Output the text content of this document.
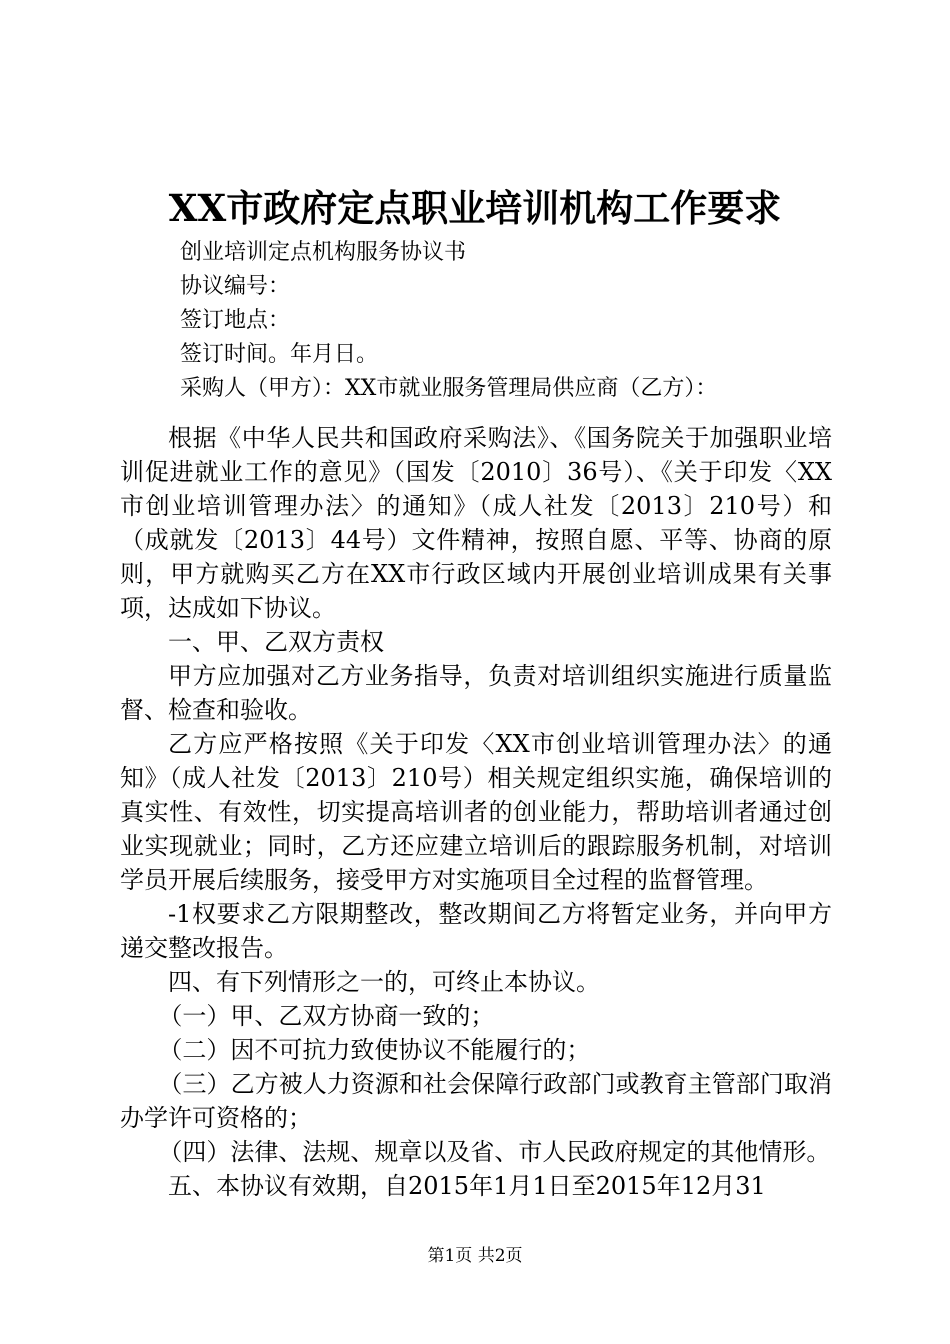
XX市政府定点职业培训机构工作要求
创业培训定点机构服务协议书
协议编号：
签订地点：
签订时间。年月日。
采购人（甲方）：XX市就业服务管理局供应商（乙方）：

根据《中华人民共和国政府采购法》、《国务院关于加强职业培训促进就业工作的意见》（国发〔2010〕36号）、《关于印发〈XX市创业培训管理办法〉的通知》（成人社发〔2013〕210号）和（成就发〔2013〕44号）文件精神，按照自愿、平等、协商的原则，甲方就购买乙方在XX市行政区域内开展创业培训成果有关事项，达成如下协议。

一、甲、乙双方责权

甲方应加强对乙方业务指导，负责对培训组织实施进行质量监督、检查和验收。

乙方应严格按照《关于印发〈XX市创业培训管理办法〉的通知》（成人社发〔2013〕210号）相关规定组织实施，确保培训的真实性、有效性，切实提高培训者的创业能力，帮助培训者通过创业实现就业；同时，乙方还应建立培训后的跟踪服务机制，对培训学员开展后续服务，接受甲方对实施项目全过程的监督管理。

-1权要求乙方限期整改，整改期间乙方将暂定业务，并向甲方递交整改报告。

四、有下列情形之一的，可终止本协议。

（一）甲、乙双方协商一致的；

（二）因不可抗力致使协议不能履行的；

（三）乙方被人力资源和社会保障行政部门或教育主管部门取消办学许可资格的；

（四）法律、法规、规章以及省、市人民政府规定的其他情形。

五、本协议有效期，自2015年1月1日至2015年12月31

第1页 共2页
